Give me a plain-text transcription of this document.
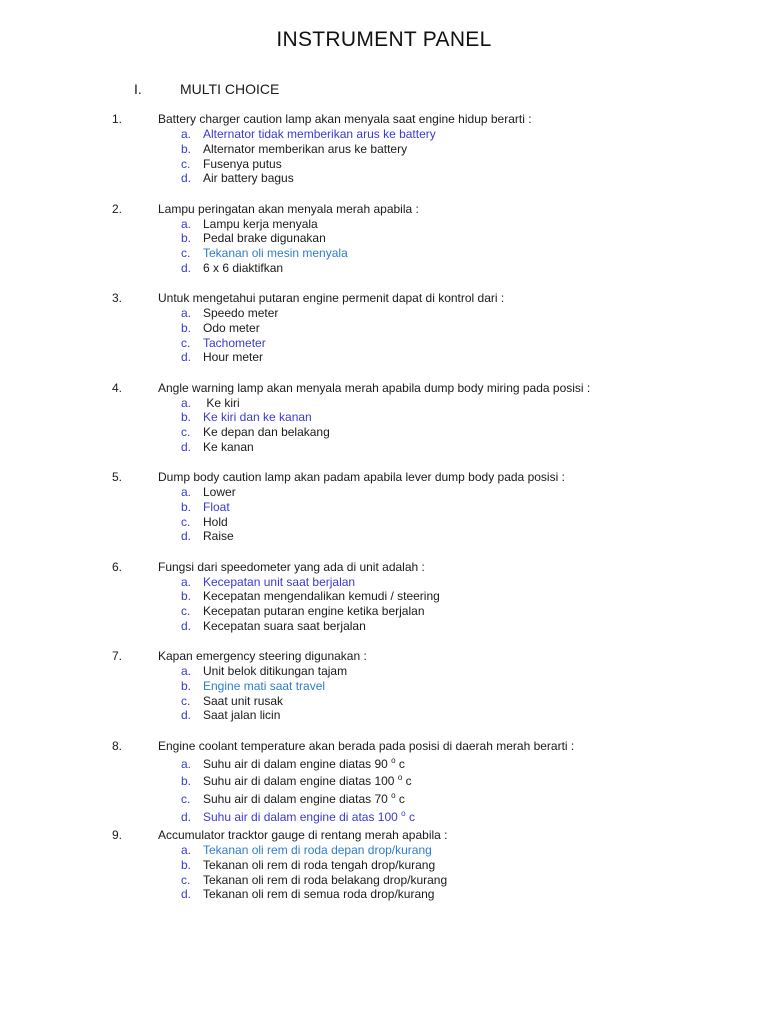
INSTRUMENT PANEL
I.	MULTI CHOICE
1.	Battery charger caution lamp akan menyala saat engine hidup berarti :
a. Alternator tidak memberikan arus ke battery
b. Alternator memberikan arus ke battery
c. Fusenya putus
d. Air battery bagus
2.	Lampu peringatan akan menyala merah apabila :
a. Lampu kerja menyala
b. Pedal brake digunakan
c. Tekanan oli mesin menyala
d. 6 x 6 diaktifkan
3.	Untuk mengetahui putaran engine permenit dapat di kontrol dari :
a. Speedo meter
b. Odo meter
c. Tachometer
d. Hour meter
4.	Angle warning lamp akan menyala merah apabila dump body miring pada posisi :
a. Ke kiri
b. Ke kiri dan ke kanan
c. Ke depan dan belakang
d. Ke kanan
5.	Dump body caution lamp akan padam apabila lever dump body pada posisi :
a. Lower
b. Float
c. Hold
d. Raise
6.	Fungsi dari speedometer yang ada di unit adalah :
a. Kecepatan unit saat berjalan
b. Kecepatan mengendalikan kemudi / steering
c. Kecepatan putaran engine ketika berjalan
d. Kecepatan suara saat berjalan
7.	Kapan emergency steering digunakan :
a. Unit belok ditikungan tajam
b. Engine mati saat travel
c. Saat unit rusak
d. Saat jalan licin
8.	Engine coolant temperature akan berada pada posisi di daerah merah berarti :
a. Suhu air di dalam engine diatas 90 $^o$ c
b. Suhu air di dalam engine diatas 100 $^o$ c
c. Suhu air di dalam engine diatas 70 $^o$ c
d. Suhu air di dalam engine di atas 100 $^o$ c
9.	Accumulator tracktor gauge di rentang merah apabila :
a. Tekanan oli rem di roda depan drop/kurang
b. Tekanan oli rem di roda tengah drop/kurang
c. Tekanan oli rem di roda belakang drop/kurang
d. Tekanan oli rem di semua roda drop/kurang
